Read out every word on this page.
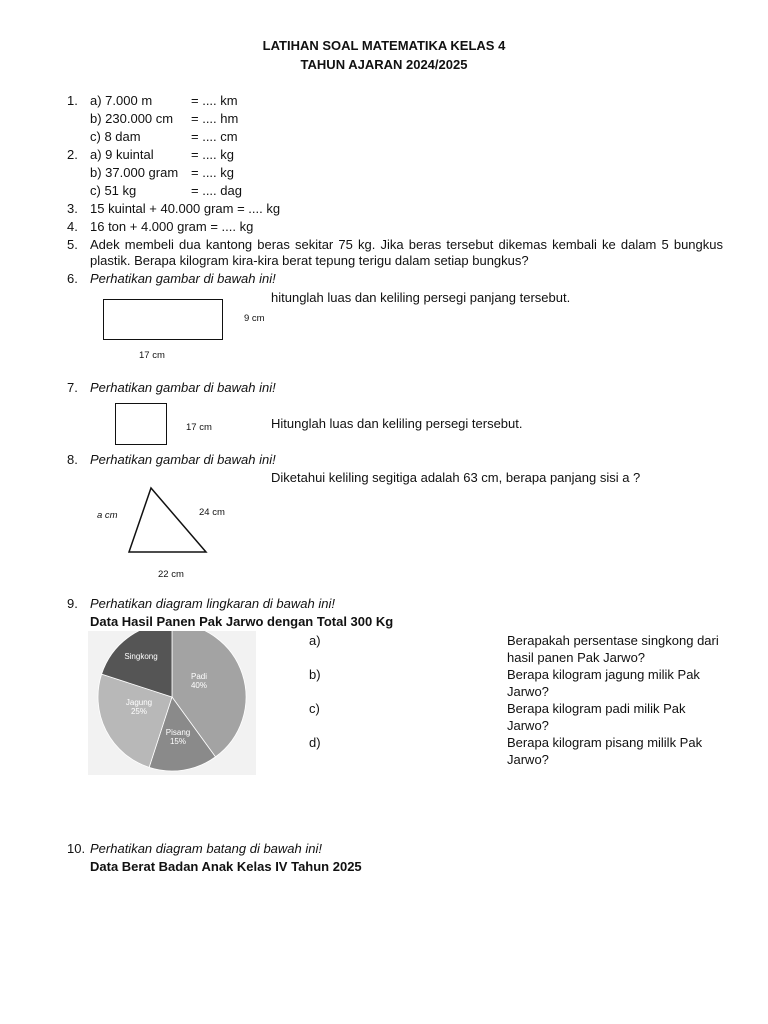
LATIHAN SOAL MATEMATIKA KELAS 4
TAHUN AJARAN 2024/2025
1. a) 7.000 m	= .... km
b) 230.000 cm = .... hm
c) 8 dam	= .... cm
2. a) 9 kuintal	= .... kg
b) 37.000 gram = .... kg
c) 51 kg	= .... dag
3. 15 kuintal + 40.000 gram = .... kg
4. 16 ton + 4.000 gram = .... kg
5. Adek membeli dua kantong beras sekitar 75 kg. Jika beras tersebut dikemas kembali ke dalam 5 bungkus plastik. Berapa kilogram kira-kira berat tepung terigu dalam setiap bungkus?
6. Perhatikan gambar di bawah ini!
hitunglah luas dan keliling persegi panjang tersebut.
9 cm
17 cm
7. Perhatikan gambar di bawah ini!
17 cm	Hitunglah luas dan keliling persegi tersebut.
8. Perhatikan gambar di bawah ini!
Diketahui keliling segitiga adalah 63 cm, berapa panjang sisi a ?
a cm	24 cm
22 cm
9. Perhatikan diagram lingkaran di bawah ini!
Data Hasil Panen Pak Jarwo dengan Total 300 Kg
Padi
40%
Pisang
15%
Jagung
25%
Singkong
a)	Berapakah persentase singkong dari hasil panen Pak Jarwo?
b)	Berapa kilogram jagung milik Pak Jarwo?
c)	Berapa kilogram padi milik Pak Jarwo?
d)	Berapa kilogram pisang mililk Pak Jarwo?
10. Perhatikan diagram batang di bawah ini!
Data Berat Badan Anak Kelas IV Tahun 2025
